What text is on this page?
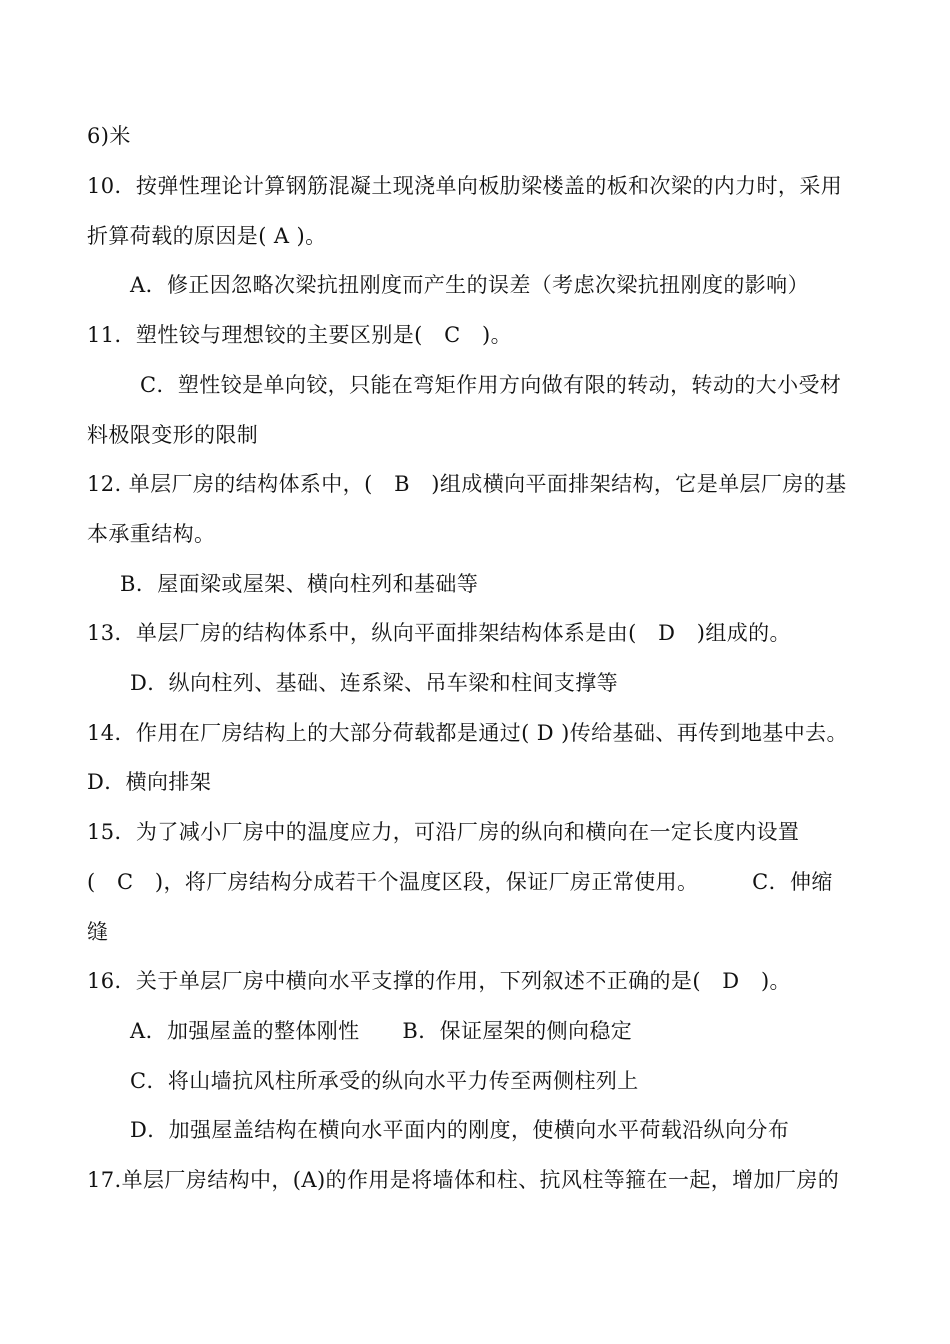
6)米
10．按弹性理论计算钢筋混凝土现浇单向板肋梁楼盖的板和次梁的内力时，采用
折算荷载的原因是( A )。
A．修正因忽略次梁抗扭刚度而产生的误差（考虑次梁抗扭刚度的影响）
11．塑性铰与理想铰的主要区别是(　C　)。
C．塑性铰是单向铰，只能在弯矩作用方向做有限的转动，转动的大小受材
料极限变形的限制
12. 单层厂房的结构体系中，(　B　)组成横向平面排架结构，它是单层厂房的基
本承重结构。
B．屋面梁或屋架、横向柱列和基础等
13．单层厂房的结构体系中，纵向平面排架结构体系是由(　D　)组成的。
D．纵向柱列、基础、连系梁、吊车梁和柱间支撑等
14．作用在厂房结构上的大部分荷载都是通过( D )传给基础、再传到地基中去。
D．横向排架
15．为了减小厂房中的温度应力，可沿厂房的纵向和横向在一定长度内设置
(　C　)，将厂房结构分成若干个温度区段，保证厂房正常使用。　　　C．伸缩
缝
16．关于单层厂房中横向水平支撑的作用，下列叙述不正确的是(　D　)。
A．加强屋盖的整体刚性　　B．保证屋架的侧向稳定
C．将山墙抗风柱所承受的纵向水平力传至两侧柱列上
D．加强屋盖结构在横向水平面内的刚度，使横向水平荷载沿纵向分布
17.单层厂房结构中，(A)的作用是将墙体和柱、抗风柱等箍在一起，增加厂房的
